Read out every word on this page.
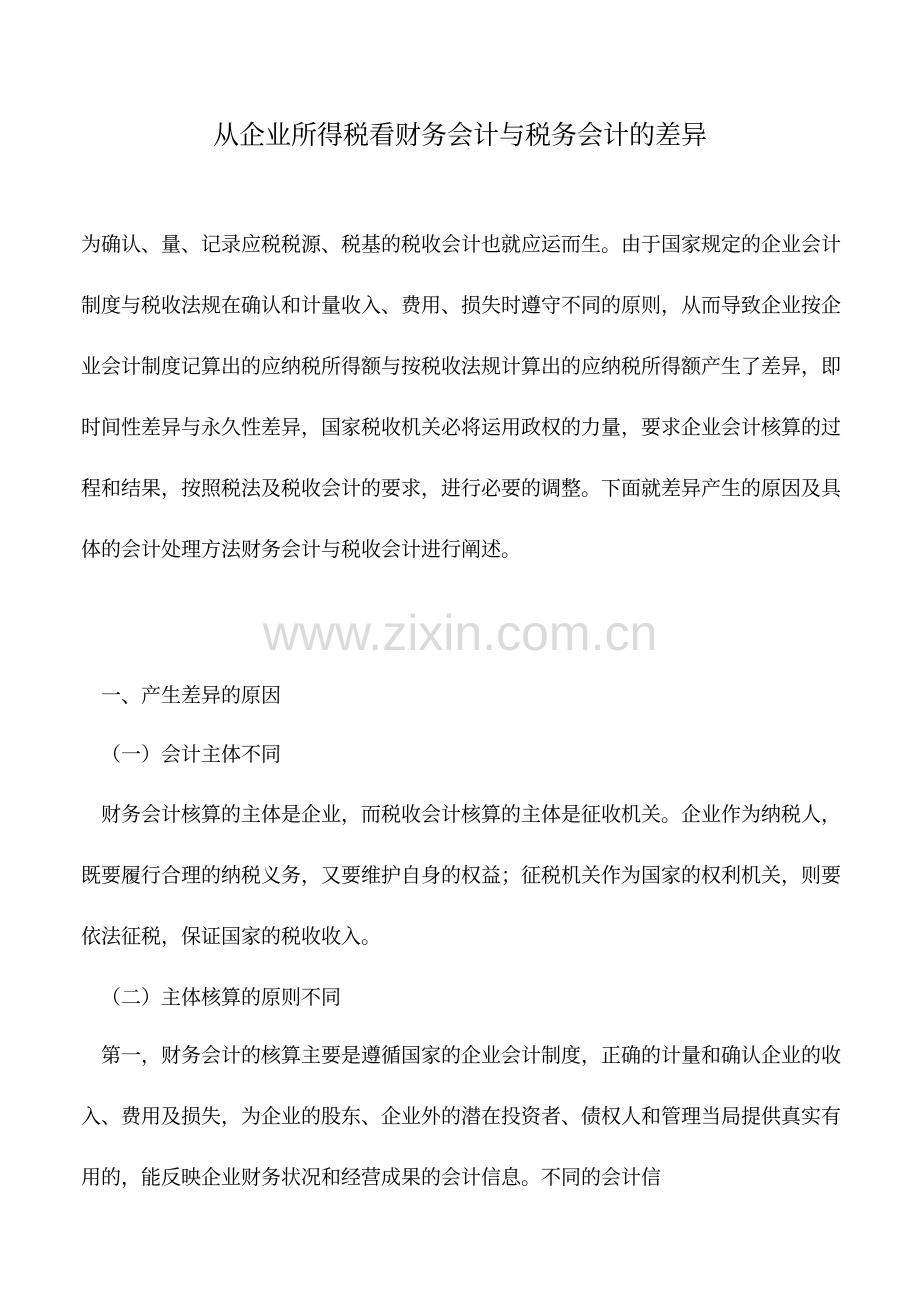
从企业所得税看财务会计与税务会计的差异

为确认、量、记录应税税源、税基的税收会计也就应运而生。由于国家规定的企业会计制度与税收法规在确认和计量收入、费用、损失时遵守不同的原则，从而导致企业按企业会计制度记算出的应纳税所得额与按税收法规计算出的应纳税所得额产生了差异，即时间性差异与永久性差异，国家税收机关必将运用政权的力量，要求企业会计核算的过程和结果，按照税法及税收会计的要求，进行必要的调整。下面就差异产生的原因及具体的会计处理方法财务会计与税收会计进行阐述。

www.zixin.com.cn

一、产生差异的原因

（一）会计主体不同

财务会计核算的主体是企业，而税收会计核算的主体是征收机关。企业作为纳税人，既要履行合理的纳税义务，又要维护自身的权益；征税机关作为国家的权利机关，则要依法征税，保证国家的税收收入。

（二）主体核算的原则不同

第一，财务会计的核算主要是遵循国家的企业会计制度，正确的计量和确认企业的收入、费用及损失，为企业的股东、企业外的潜在投资者、债权人和管理当局提供真实有用的，能反映企业财务状况和经营成果的会计信息。不同的会计信
